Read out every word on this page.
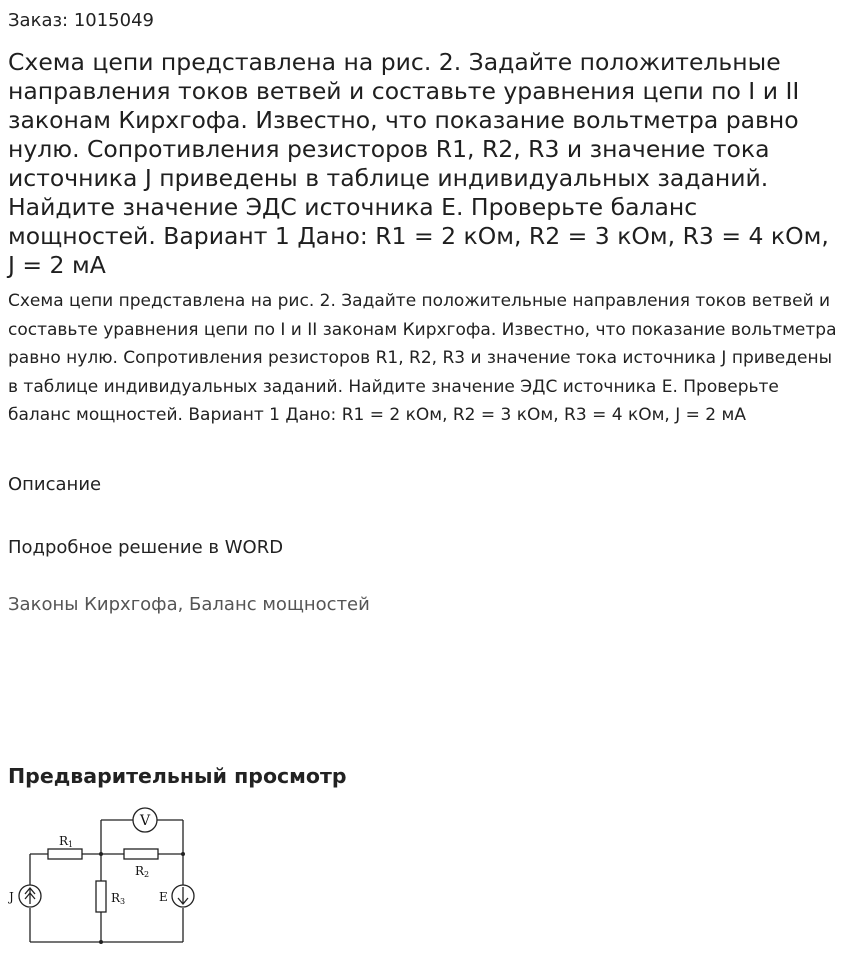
Заказ: 1015049
Схема цепи представлена на рис. 2. Задайте положительные направления токов ветвей и составьте уравнения цепи по I и II законам Кирхгофа. Известно, что показание вольтметра равно нулю. Сопротивления резисторов R1, R2, R3 и значение тока источника J приведены в таблице индивидуальных заданий. Найдите значение ЭДС источника E. Проверьте баланс мощностей. Вариант 1 Дано: R1 = 2 кОм, R2 = 3 кОм, R3 = 4 кОм, J = 2 мА

Схема цепи представлена на рис. 2. Задайте положительные направления токов ветвей и составьте уравнения цепи по I и II законам Кирхгофа. Известно, что показание вольтметра равно нулю. Сопротивления резисторов R1, R2, R3 и значение тока источника J приведены в таблице индивидуальных заданий. Найдите значение ЭДС источника E. Проверьте баланс мощностей. Вариант 1 Дано: R1 = 2 кОм, R2 = 3 кОм, R3 = 4 кОм, J = 2 мА

Описание
Подробное решение в WORD
Законы Кирхгофа, Баланс мощностей
Предварительный просмотр
V
R1
R2
R3
J	E
